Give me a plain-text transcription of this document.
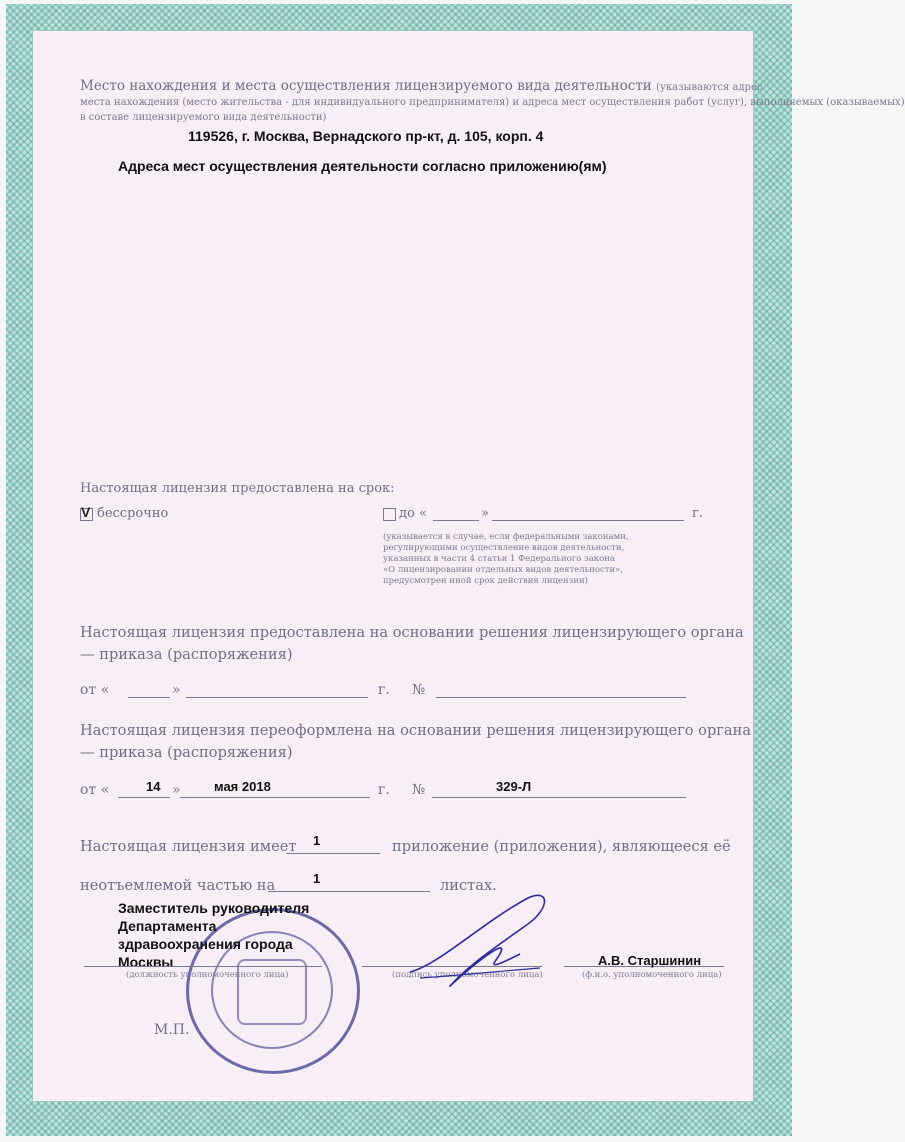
Место нахождения и места осуществления лицензируемого вида деятельности (указываются адрес
места нахождения (место жительства - для индивидуального предпринимателя) и адреса мест осуществления работ (услуг), выполняемых (оказываемых)
в составе лицензируемого вида деятельности)
119526, г. Москва, Вернадского пр-кт, д. 105, корп. 4
Адреса мест осуществления деятельности согласно приложению(ям)
Настоящая лицензия предоставлена на срок:
V бессрочно	до «	»	г.
(указывается в случае, если федеральными законами,
регулирующими осуществление видов деятельности,
указанных в части 4 статьи 1 Федерального закона
«О лицензировании отдельных видов деятельности»,
предусмотрен иной срок действия лицензии)
Настоящая лицензия предоставлена на основании решения лицензирующего органа
— приказа (распоряжения)
от «	»	г. №
Настоящая лицензия переоформлена на основании решения лицензирующего органа
— приказа (распоряжения)
от «	14 »	мая 2018	г. №	329-Л
Настоящая лицензия имеет 1	приложение (приложения), являющееся её
неотъемлемой частью на	1	листах.
Заместитель руководителя
Департамента
здравоохранения города
Москвы
(должность уполномоченного лица)	(подпись уполномоченного лица)
А.В. Старшинин
(ф.и.о. уполномоченного лица)
М.П.
